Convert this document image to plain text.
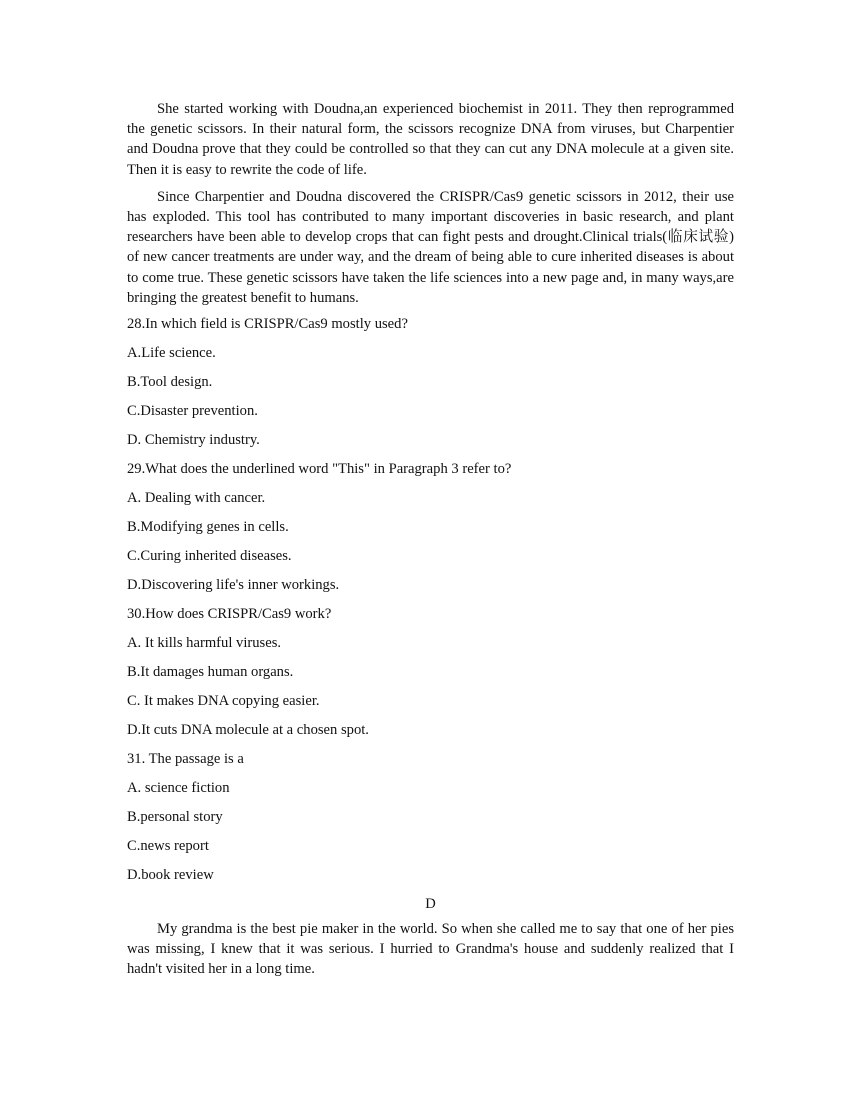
She started working with Doudna,an experienced biochemist in 2011. They then reprogrammed the genetic scissors. In their natural form, the scissors recognize DNA from viruses, but Charpentier and Doudna prove that they could be controlled so that they can cut any DNA molecule at a given site. Then it is easy to rewrite the code of life.

Since Charpentier and Doudna discovered the CRISPR/Cas9 genetic scissors in 2012, their use has exploded. This tool has contributed to many important discoveries in basic research, and plant researchers have been able to develop crops that can fight pests and drought.Clinical trials(临床试验) of new cancer treatments are under way, and the dream of being able to cure inherited diseases is about to come true. These genetic scissors have taken the life sciences into a new page and, in many ways,are bringing the greatest benefit to humans.

28.In which field is CRISPR/Cas9 mostly used?

A.Life science.

B.Tool design.

C.Disaster prevention.

D. Chemistry industry.

29.What does the underlined word "This" in Paragraph 3 refer to?

A. Dealing with cancer.

B.Modifying genes in cells.

C.Curing inherited diseases.

D.Discovering life's inner workings.

30.How does CRISPR/Cas9 work?

A. It kills harmful viruses.

B.It damages human organs.

C. It makes DNA copying easier.

D.It cuts DNA molecule at a chosen spot.

31. The passage is a

A. science fiction

B.personal story

C.news report

D.book review

D

My grandma is the best pie maker in the world. So when she called me to say that one of her pies was missing, I knew that it was serious. I hurried to Grandma's house and suddenly realized that I hadn't visited her in a long time.
